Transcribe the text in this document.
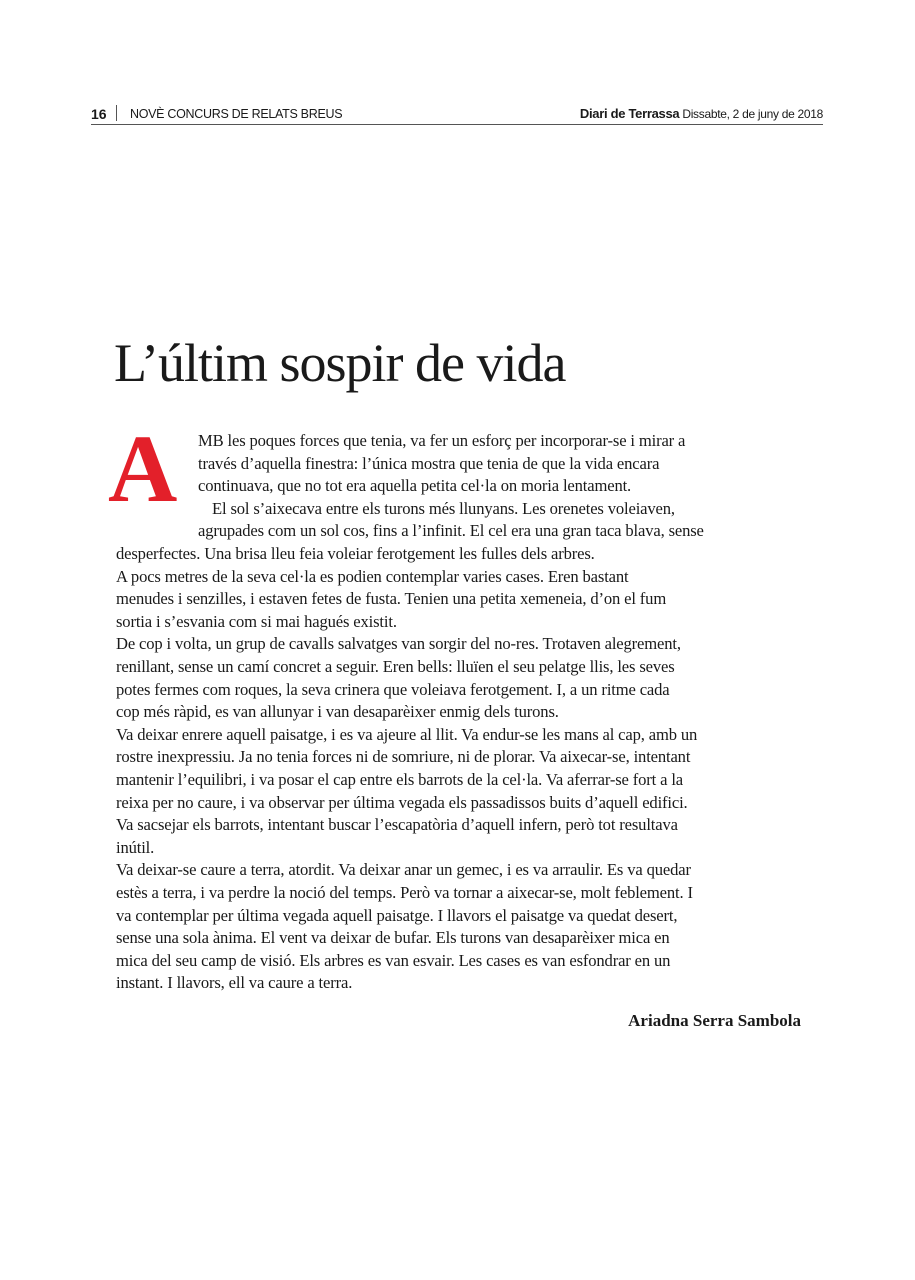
16 NOVÈ CONCURS DE RELATS BREUS	Diari de Terrassa Dissabte, 2 de juny de 2018
L’últim sospir de vida
A MB les poques forces que tenia, va fer un esforç per incorporar-se i mirar a
través d’aquella finestra: l’única mostra que tenia de que la vida encara
continuava, que no tot era aquella petita cel·la on moria lentament.
El sol s’aixecava entre els turons més llunyans. Les orenetes voleiaven,
agrupades com un sol cos, fins a l’infinit. El cel era una gran taca blava, sense
desperfectes. Una brisa lleu feia voleiar ferotgement les fulles dels arbres.
A pocs metres de la seva cel·la es podien contemplar varies cases. Eren bastant
menudes i senzilles, i estaven fetes de fusta. Tenien una petita xemeneia, d’on el fum
sortia i s’esvania com si mai hagués existit.
De cop i volta, un grup de cavalls salvatges van sorgir del no-res. Trotaven alegrement,
renillant, sense un camí concret a seguir. Eren bells: lluïen el seu pelatge llis, les seves
potes fermes com roques, la seva crinera que voleiava ferotgement. I, a un ritme cada
cop més ràpid, es van allunyar i van desaparèixer enmig dels turons.
Va deixar enrere aquell paisatge, i es va ajeure al llit. Va endur-se les mans al cap, amb un
rostre inexpressiu. Ja no tenia forces ni de somriure, ni de plorar. Va aixecar-se, intentant
mantenir l’equilibri, i va posar el cap entre els barrots de la cel·la. Va aferrar-se fort a la
reixa per no caure, i va observar per última vegada els passadissos buits d’aquell edifici.
Va sacsejar els barrots, intentant buscar l’escapatòria d’aquell infern, però tot resultava
inútil.
Va deixar-se caure a terra, atordit. Va deixar anar un gemec, i es va arraulir. Es va quedar
estès a terra, i va perdre la noció del temps. Però va tornar a aixecar-se, molt feblement. I
va contemplar per última vegada aquell paisatge. I llavors el paisatge va quedat desert,
sense una sola ànima. El vent va deixar de bufar. Els turons van desaparèixer mica en
mica del seu camp de visió. Els arbres es van esvair. Les cases es van esfondrar en un
instant. I llavors, ell va caure a terra.
Ariadna Serra Sambola
